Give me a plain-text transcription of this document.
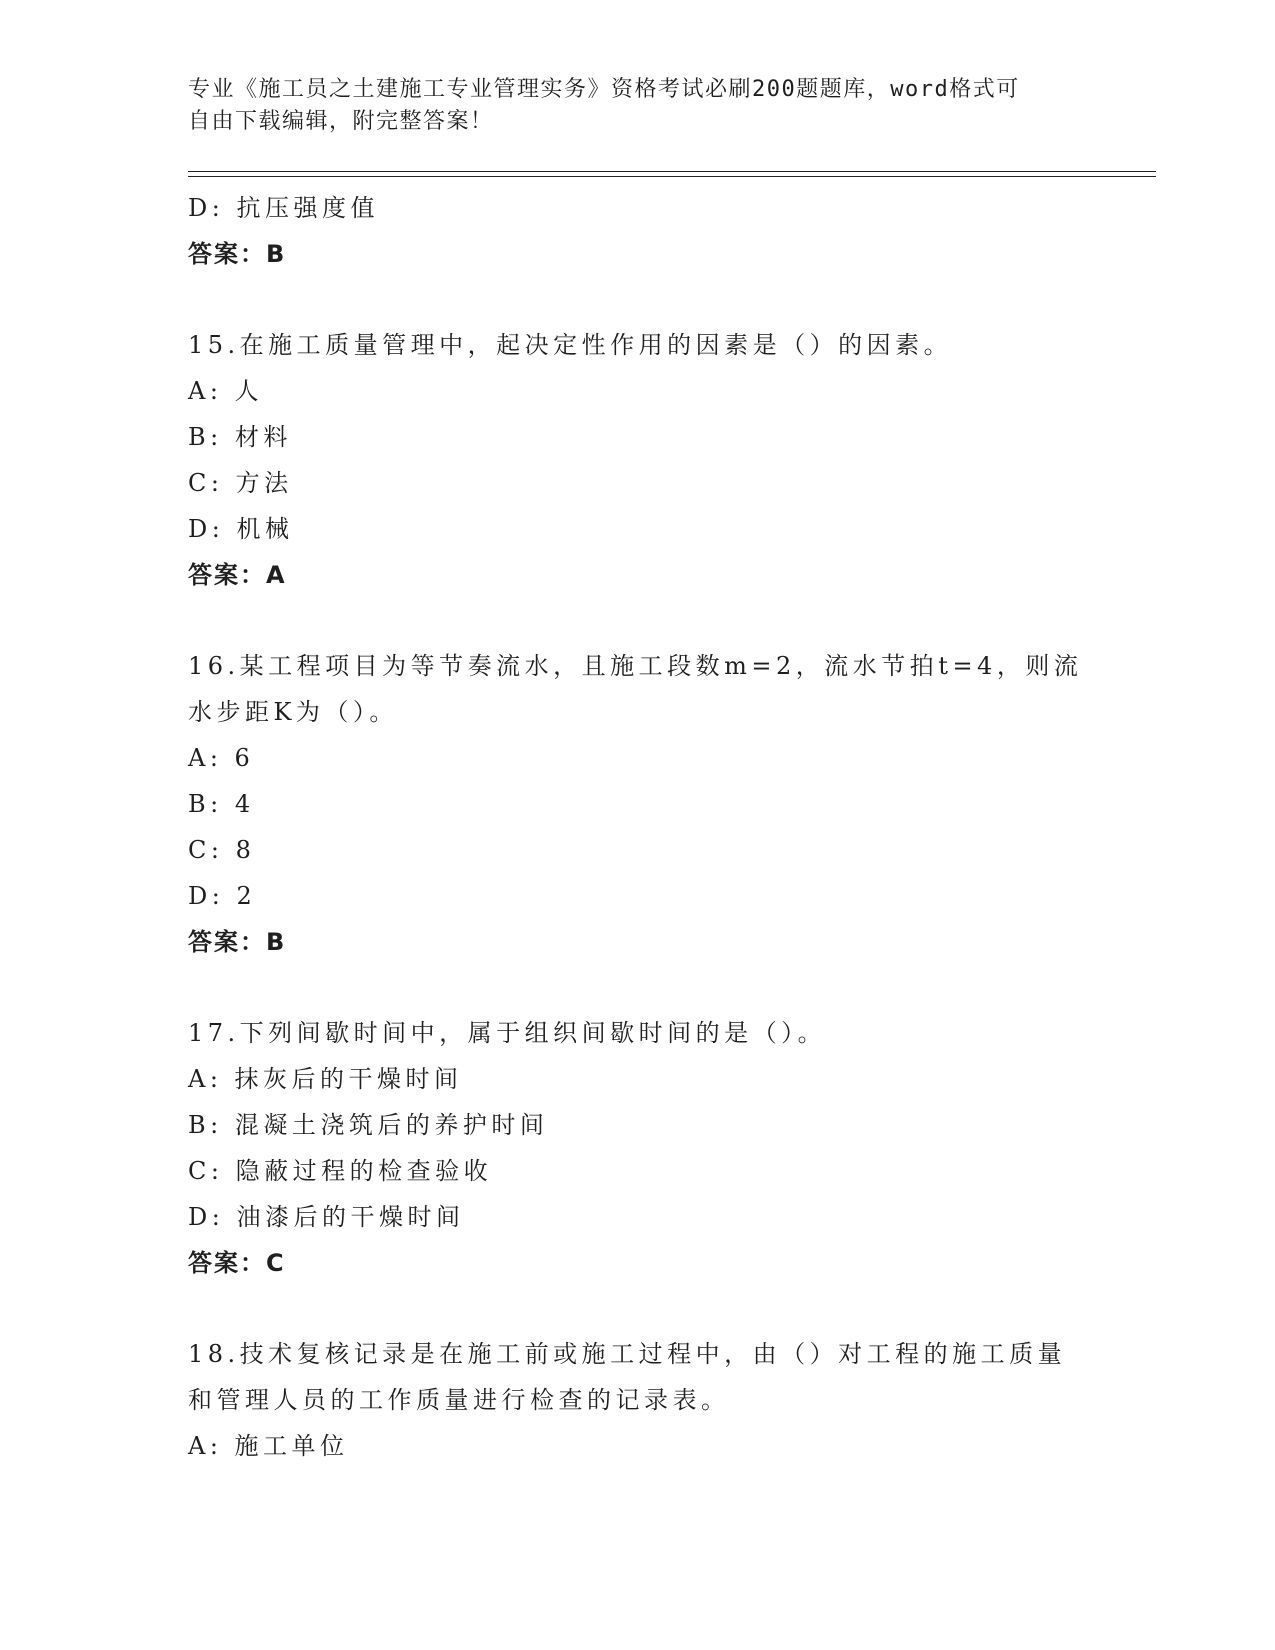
专业《施工员之土建施工专业管理实务》资格考试必刷200题题库，word格式可
自由下载编辑，附完整答案！
D: 抗压强度值
答案：B
15.在施工质量管理中，起决定性作用的因素是（）的因素。
A: 人
B: 材料
C: 方法
D: 机械
答案：A
16.某工程项目为等节奏流水，且施工段数m=2，流水节拍t=4，则流
水步距K为（）。
A: 6
B: 4
C: 8
D: 2
答案：B
17.下列间歇时间中，属于组织间歇时间的是（）。
A: 抹灰后的干燥时间
B: 混凝土浇筑后的养护时间
C: 隐蔽过程的检查验收
D: 油漆后的干燥时间
答案：C
18.技术复核记录是在施工前或施工过程中，由（）对工程的施工质量
和管理人员的工作质量进行检查的记录表。
A: 施工单位
